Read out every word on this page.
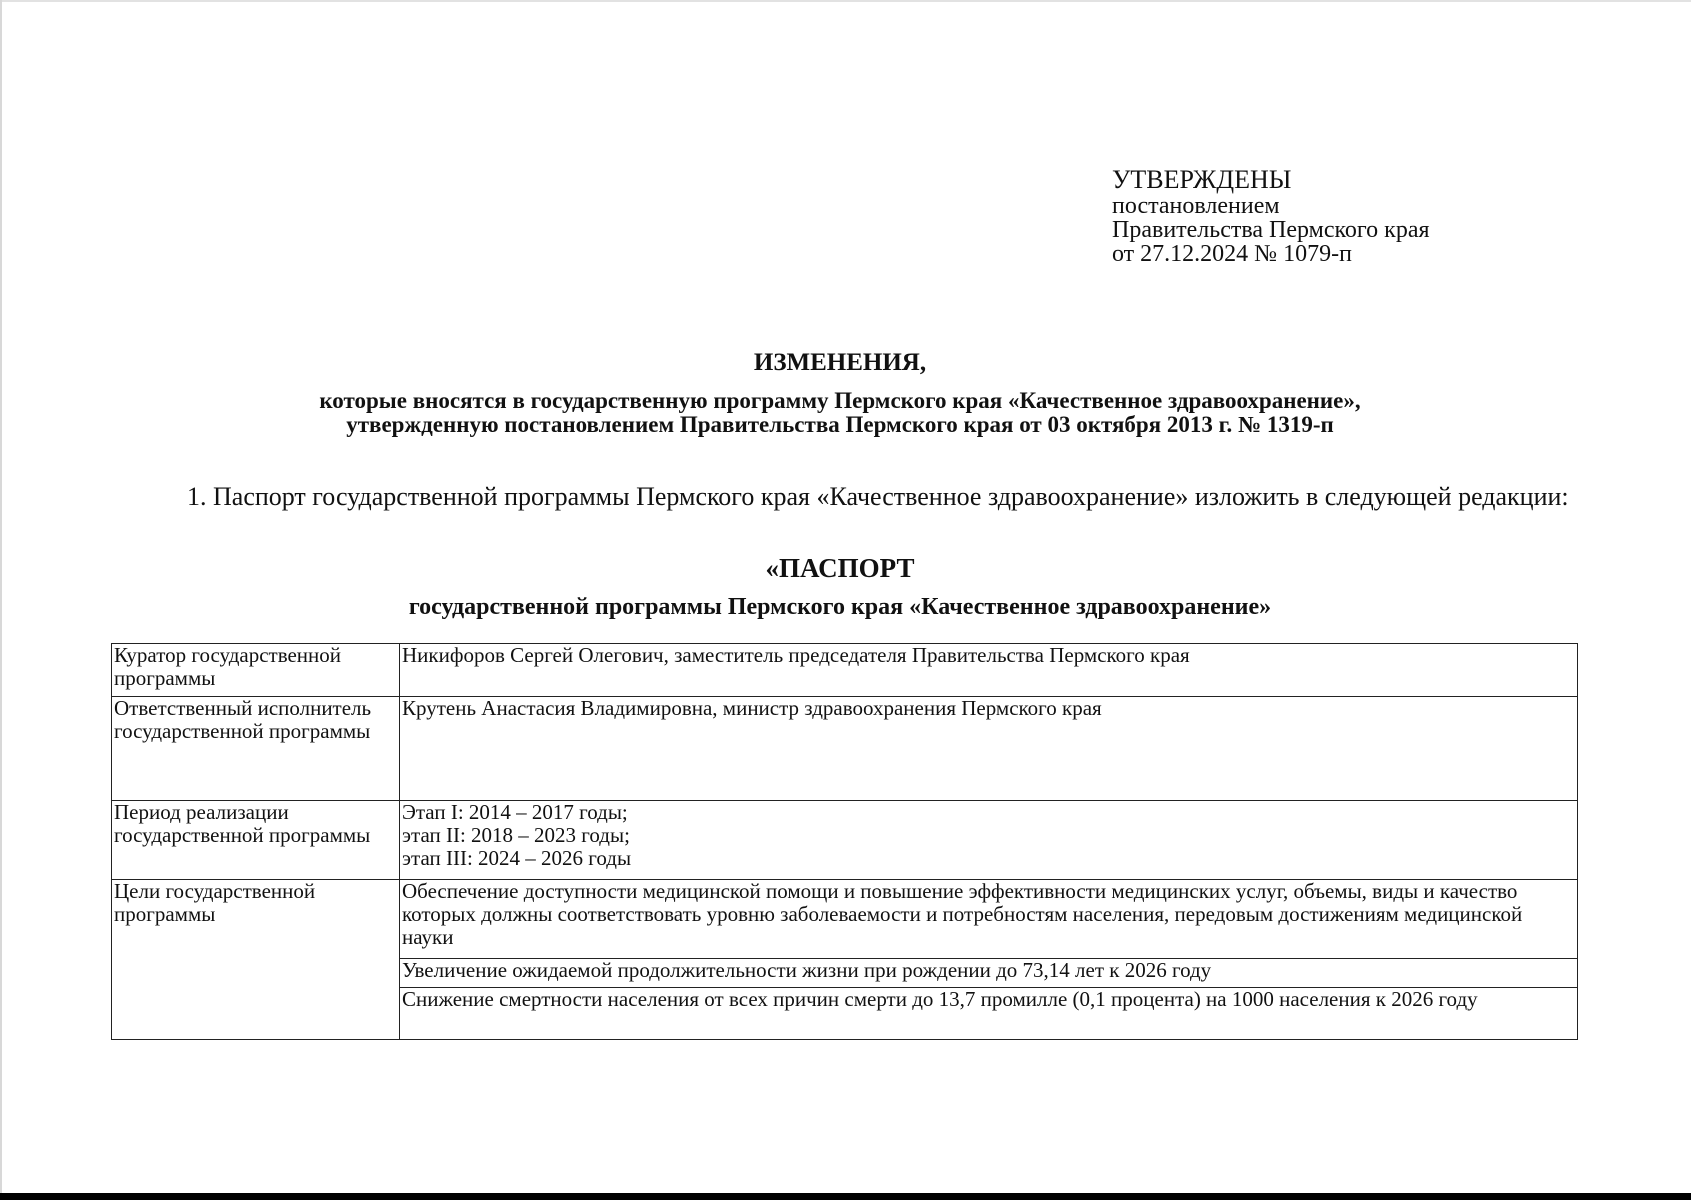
УТВЕРЖДЕНЫ
постановлением
Правительства Пермского края
от 27.12.2024 № 1079-п
ИЗМЕНЕНИЯ,
которые вносятся в государственную программу Пермского края «Качественное здравоохранение»,
утвержденную постановлением Правительства Пермского края от 03 октября 2013 г. № 1319-п
1. Паспорт государственной программы Пермского края «Качественное здравоохранение» изложить в следующей редакции:
«ПАСПОРТ
государственной программы Пермского края «Качественное здравоохранение»
Куратор государственной программы	Никифоров Сергей Олегович, заместитель председателя Правительства Пермского края
Ответственный исполнитель государственной программы	Крутень Анастасия Владимировна, министр здравоохранения Пермского края
Период реализации государственной программы	Этап I: 2014 – 2017 годы;
этап II: 2018 – 2023 годы;
этап III: 2024 – 2026 годы

Цели государственной программы	Обеспечение доступности медицинской помощи и повышение эффективности медицинских услуг, объемы, виды и качество которых должны соответствовать уровню заболеваемости и потребностям населения, передовым достижениям медицинской науки
	Увеличение ожидаемой продолжительности жизни при рождении до 73,14 лет к 2026 году
	Снижение смертности населения от всех причин смерти до 13,7 промилле (0,1 процента) на 1000 населения к 2026 году
